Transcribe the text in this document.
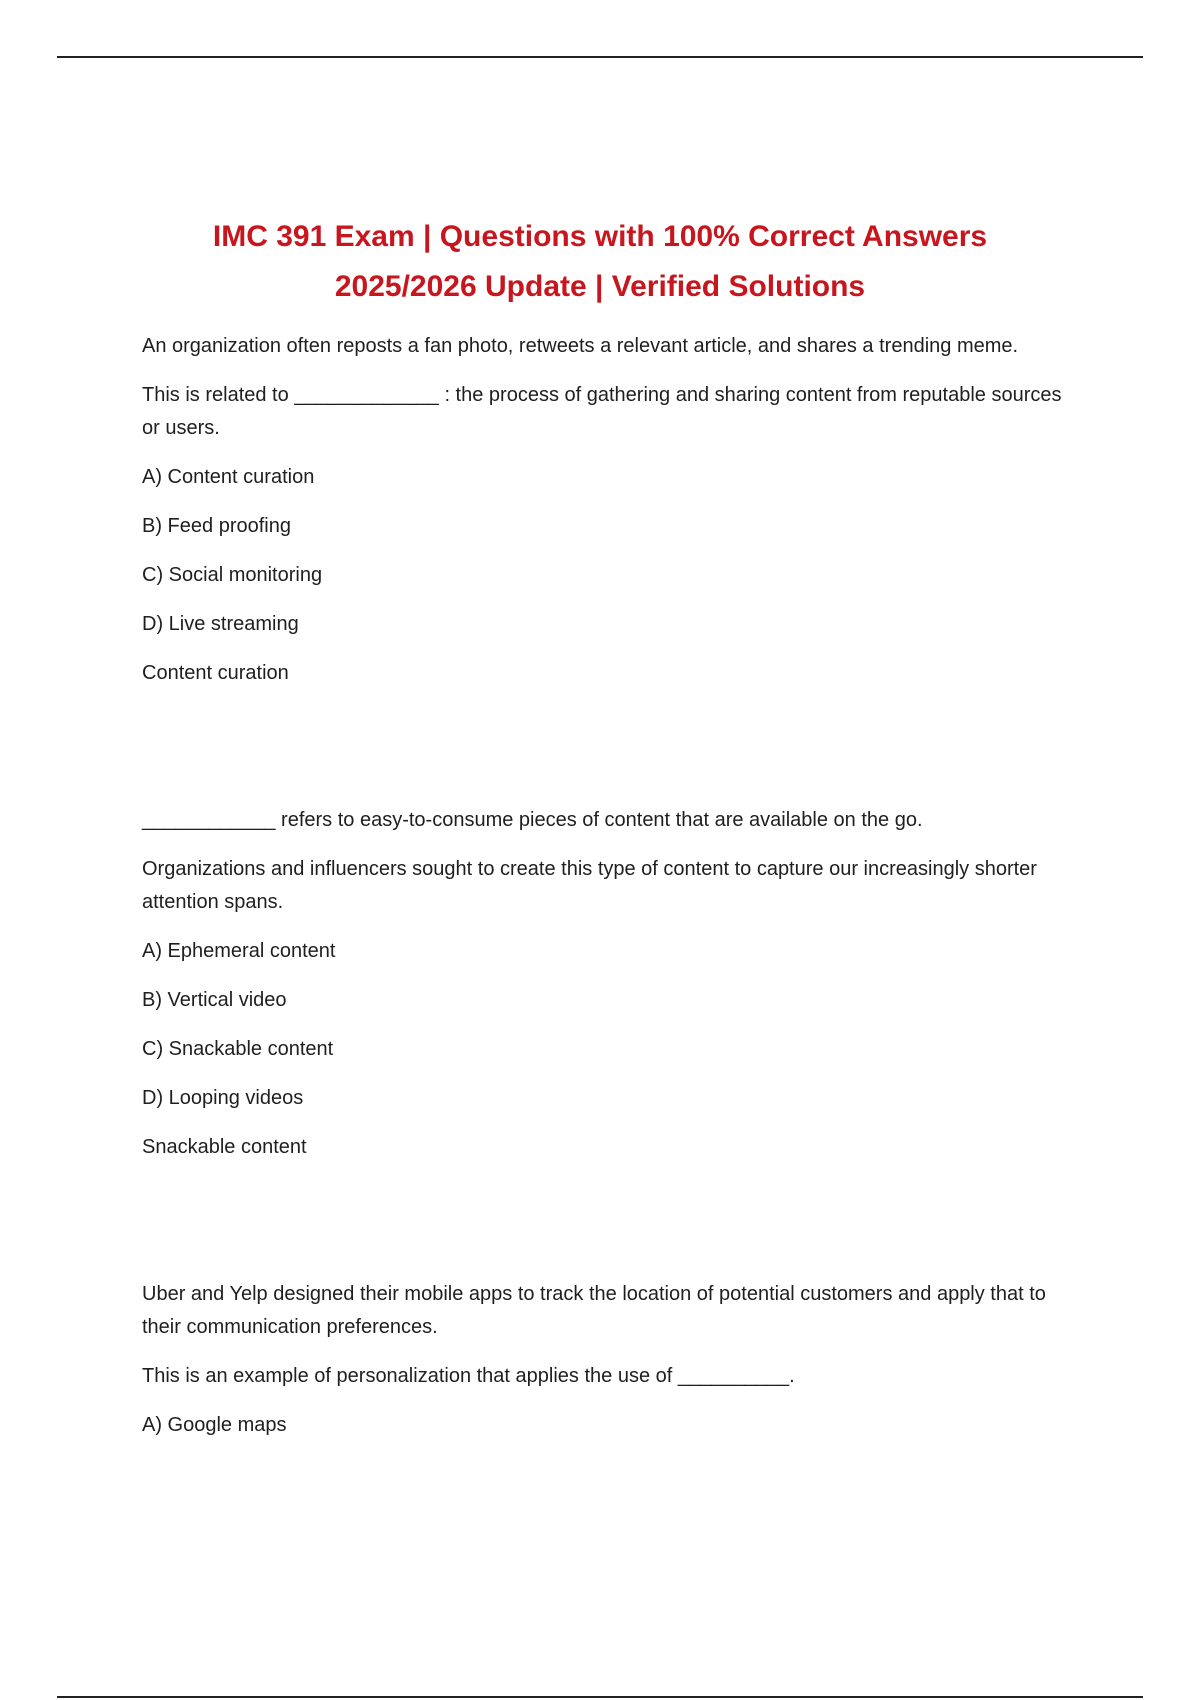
IMC 391 Exam | Questions with 100% Correct Answers
2025/2026 Update | Verified Solutions

An organization often reposts a fan photo, retweets a relevant article, and shares a trending meme.

This is related to _____________ : the process of gathering and sharing content from reputable sources or users.

A) Content curation

B) Feed proofing

C) Social monitoring

D) Live streaming

Content curation

____________ refers to easy-to-consume pieces of content that are available on the go.

Organizations and influencers sought to create this type of content to capture our increasingly shorter attention spans.

A) Ephemeral content

B) Vertical video

C) Snackable content

D) Looping videos

Snackable content

Uber and Yelp designed their mobile apps to track the location of potential customers and apply that to their communication preferences.

This is an example of personalization that applies the use of __________.

A) Google maps
